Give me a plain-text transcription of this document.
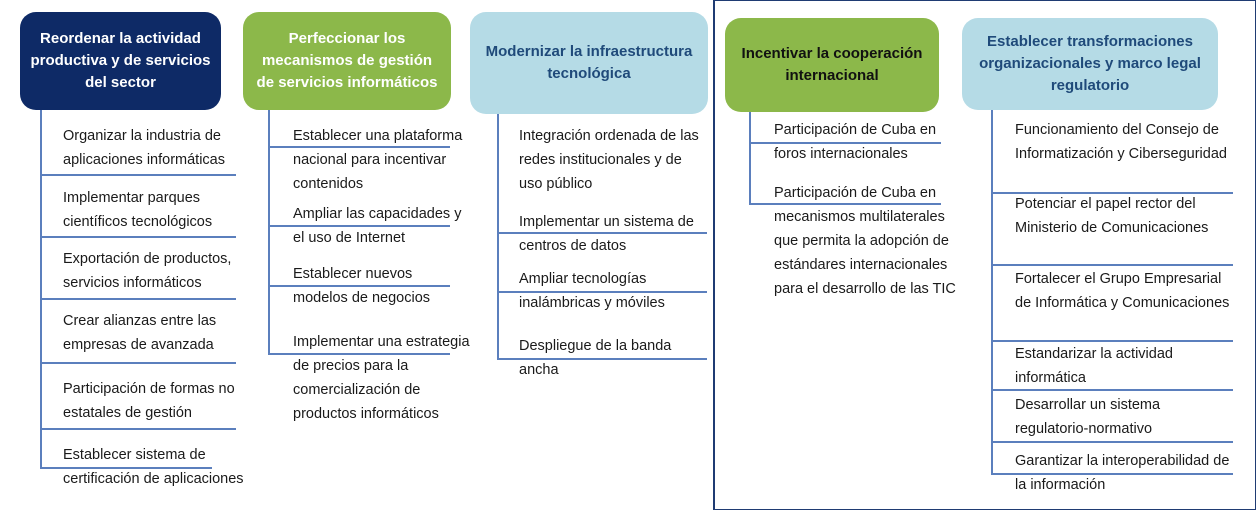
Reordenar la actividad productiva y de servicios del sector
Organizar la industria de aplicaciones informáticas
Implementar parques científicos tecnológicos
Exportación de productos, servicios informáticos
Crear alianzas entre las empresas de avanzada
Participación de formas no estatales de gestión
Establecer sistema de certificación de aplicaciones
Perfeccionar los mecanismos de gestión de servicios informáticos
Establecer una plataforma nacional para incentivar contenidos
Ampliar las capacidades y el uso de Internet
Establecer nuevos modelos de negocios
Implementar una estrategia de precios para la comercialización de productos informáticos
Modernizar la infraestructura tecnológica
Integración ordenada de las redes institucionales y de uso público
Implementar un sistema de centros de datos
Ampliar tecnologías inalámbricas y móviles
Despliegue de la banda ancha
Incentivar la cooperación internacional
Participación de Cuba en foros internacionales
Participación de Cuba en mecanismos multilaterales que permita la adopción de estándares internacionales para el desarrollo de las TIC
Establecer transformaciones organizacionales y marco legal regulatorio
Funcionamiento del Consejo de Informatización y Ciberseguridad
Potenciar el papel rector del Ministerio de Comunicaciones
Fortalecer el Grupo Empresarial de Informática y Comunicaciones
Estandarizar la actividad informática
Desarrollar un sistema regulatorio-normativo
Garantizar la interoperabilidad de la información
